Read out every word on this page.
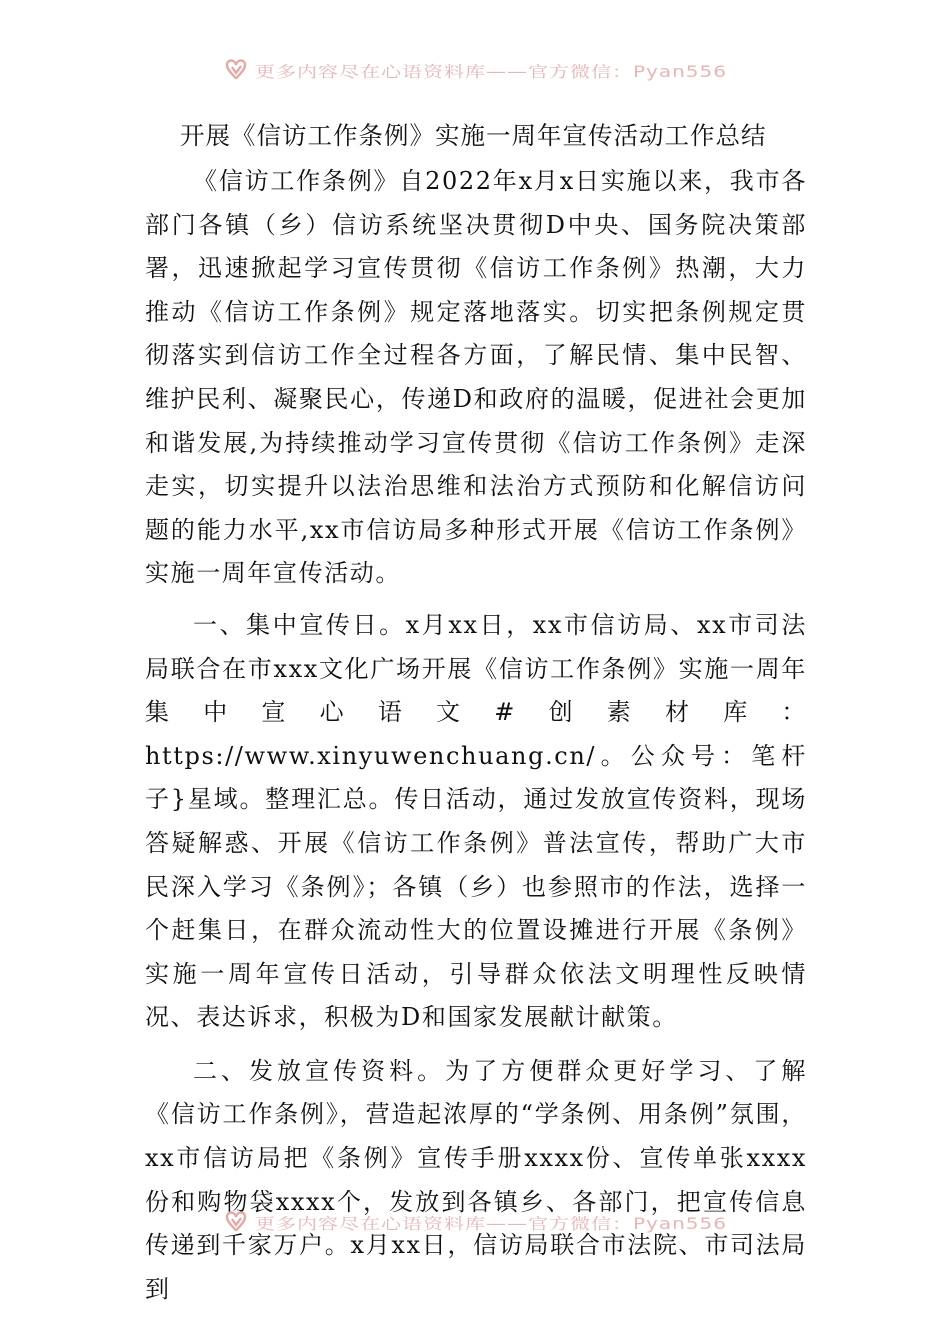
更多内容尽在心语资料库——官方微信：Pyan556
开展《信访工作条例》实施一周年宣传活动工作总结

《信访工作条例》自2022年x月x日实施以来，我市各部门各镇（乡）信访系统坚决贯彻D中央、国务院决策部署，迅速掀起学习宣传贯彻《信访工作条例》热潮，大力推动《信访工作条例》规定落地落实。切实把条例规定贯彻落实到信访工作全过程各方面，了解民情、集中民智、维护民利、凝聚民心，传递D和政府的温暖，促进社会更加和谐发展,为持续推动学习宣传贯彻《信访工作条例》走深走实，切实提升以法治思维和法治方式预防和化解信访问题的能力水平,xx市信访局多种形式开展《信访工作条例》实施一周年宣传活动。

一、集中宣传日。x月xx日，xx市信访局、xx市司法局联合在市xxx文化广场开展《信访工作条例》实施一周年集中宣心语文#创素材库：https://www.xinyuwenchuang.cn/。公众号：笔杆子}星域。整理汇总。传日活动，通过发放宣传资料，现场答疑解惑、开展《信访工作条例》普法宣传，帮助广大市民深入学习《条例》；各镇（乡）也参照市的作法，选择一个赶集日，在群众流动性大的位置设摊进行开展《条例》实施一周年宣传日活动，引导群众依法文明理性反映情况、表达诉求，积极为D和国家发展献计献策。

二、发放宣传资料。为了方便群众更好学习、了解《信访工作条例》，营造起浓厚的“学条例、用条例”氛围，xx市信访局把《条例》宣传手册xxxx份、宣传单张xxxx份和购物袋xxxx个，发放到各镇乡、各部门，把宣传信息传递到千家万户。x月xx日，信访局联合市法院、市司法局到

更多内容尽在心语资料库——官方微信：Pyan556
